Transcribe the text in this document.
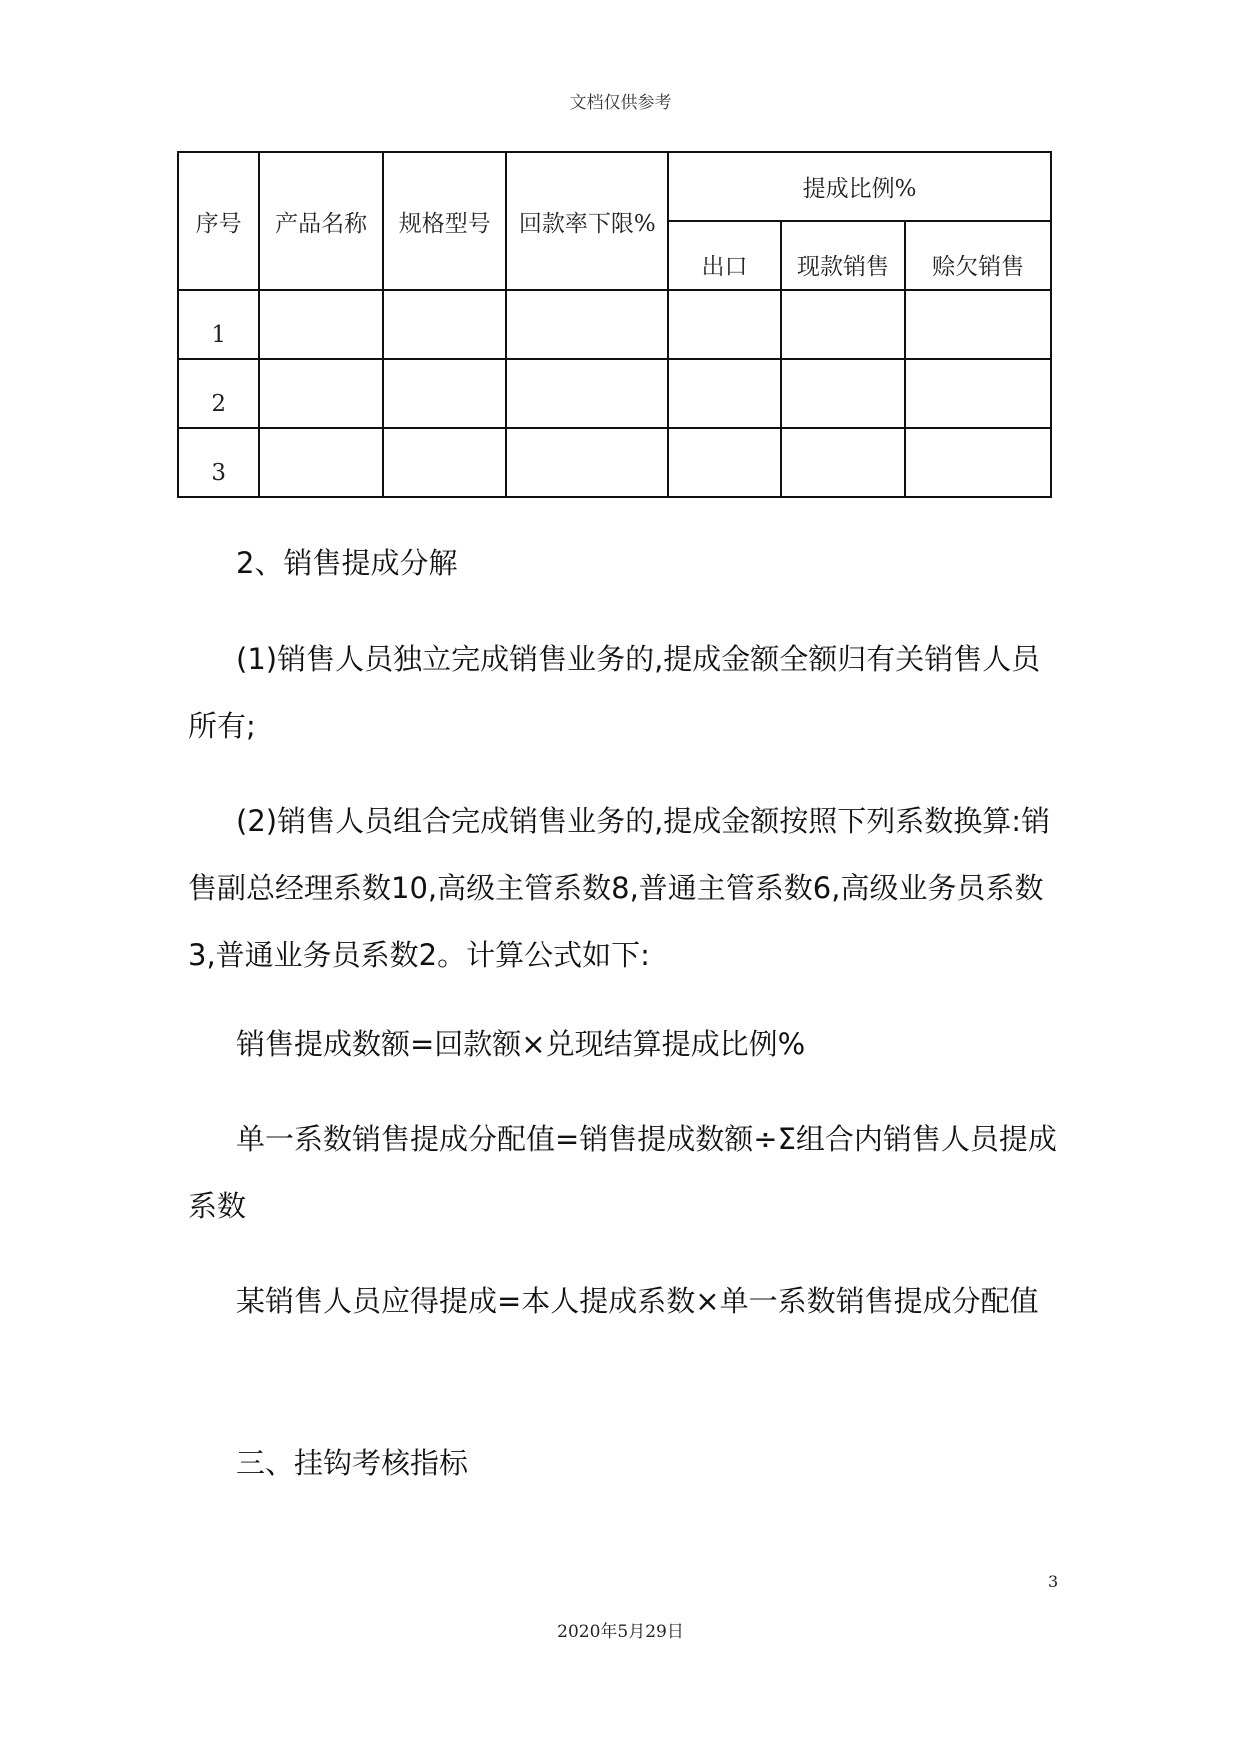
文档仅供参考
序号	产品名称	规格型号	回款率下限%	提成比例%		
				出口	现款销售	赊欠销售
1						
2						
3						

2、销售提成分解

(1)销售人员独立完成销售业务的,提成金额全额归有关销售人员所有;

(2)销售人员组合完成销售业务的,提成金额按照下列系数换算:销售副总经理系数10,高级主管系数8,普通主管系数6,高级业务员系数3,普通业务员系数2。计算公式如下:

销售提成数额=回款额×兑现结算提成比例%

单一系数销售提成分配值=销售提成数额÷Σ组合内销售人员提成系数

某销售人员应得提成=本人提成系数×单一系数销售提成分配值

三、挂钩考核指标

3
2020年5月29日
